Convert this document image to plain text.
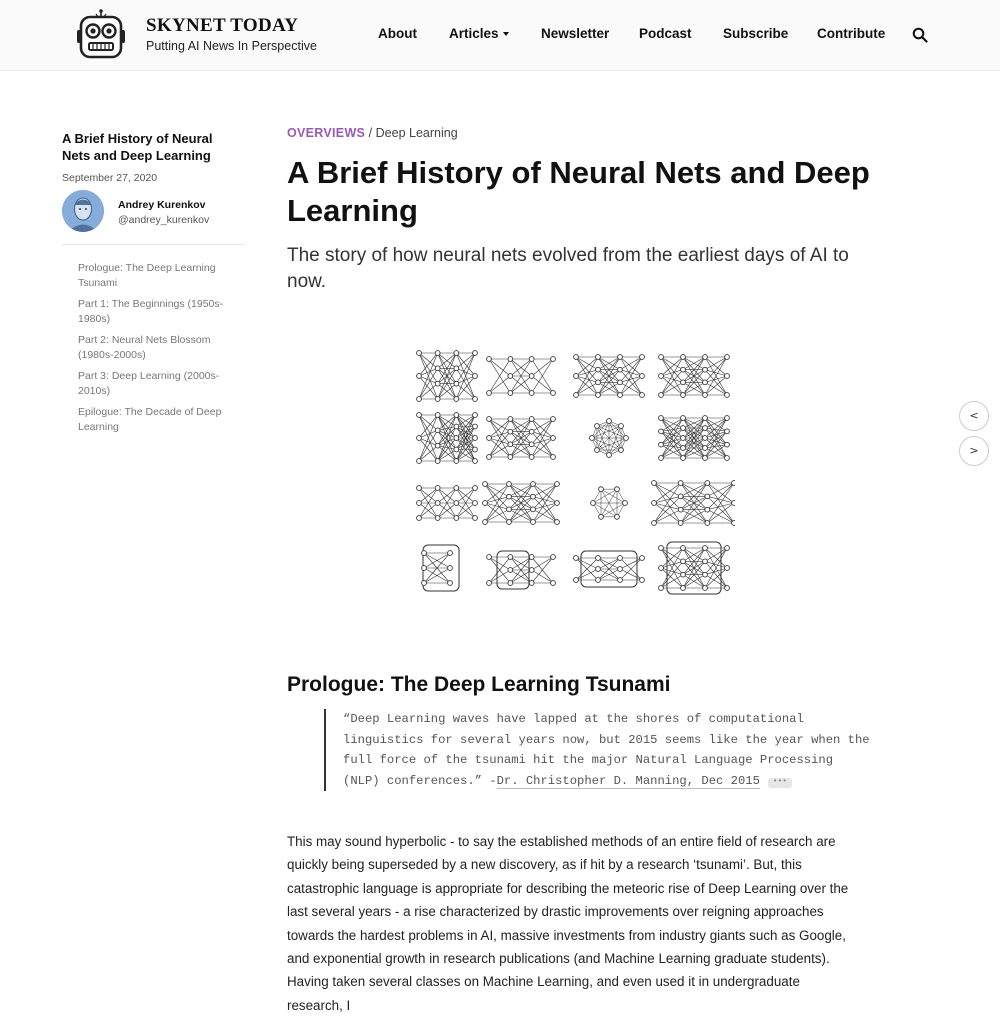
SKYNET TODAY
Putting AI News In Perspective
About Articles	Newsletter Podcast Subscribe Contribute
A Brief History of Neural Nets and Deep Learning
September 27, 2020
Andrey Kurenkov
@andrey_kurenkov
Prologue: The Deep Learning Tsunami
Part 1: The Beginnings (1950s-1980s)
Part 2: Neural Nets Blossom (1980s-2000s)
Part 3: Deep Learning (2000s-2010s)
Epilogue: The Decade of Deep Learning
OVERVIEWS / Deep Learning
A Brief History of Neural Nets and Deep Learning
The story of how neural nets evolved from the earliest days of AI to now.
Prologue: The Deep Learning Tsunami
“Deep Learning waves have lapped at the shores of computational linguistics for several years now, but 2015 seems like the year when the full force of the tsunami hit the major Natural Language Processing (NLP) conferences.” -Dr. Christopher D. Manning, Dec 2015 •••

This may sound hyperbolic - to say the established methods of an entire field of research are quickly being superseded by a new discovery, as if hit by a research ‘tsunami’. But, this catastrophic language is appropriate for describing the meteoric rise of Deep Learning over the last several years - a rise characterized by drastic improvements over reigning approaches towards the hardest problems in AI, massive investments from industry giants such as Google, and exponential growth in research publications (and Machine Learning graduate students). Having taken several classes on Machine Learning, and even used it in undergraduate research, I

<
>
